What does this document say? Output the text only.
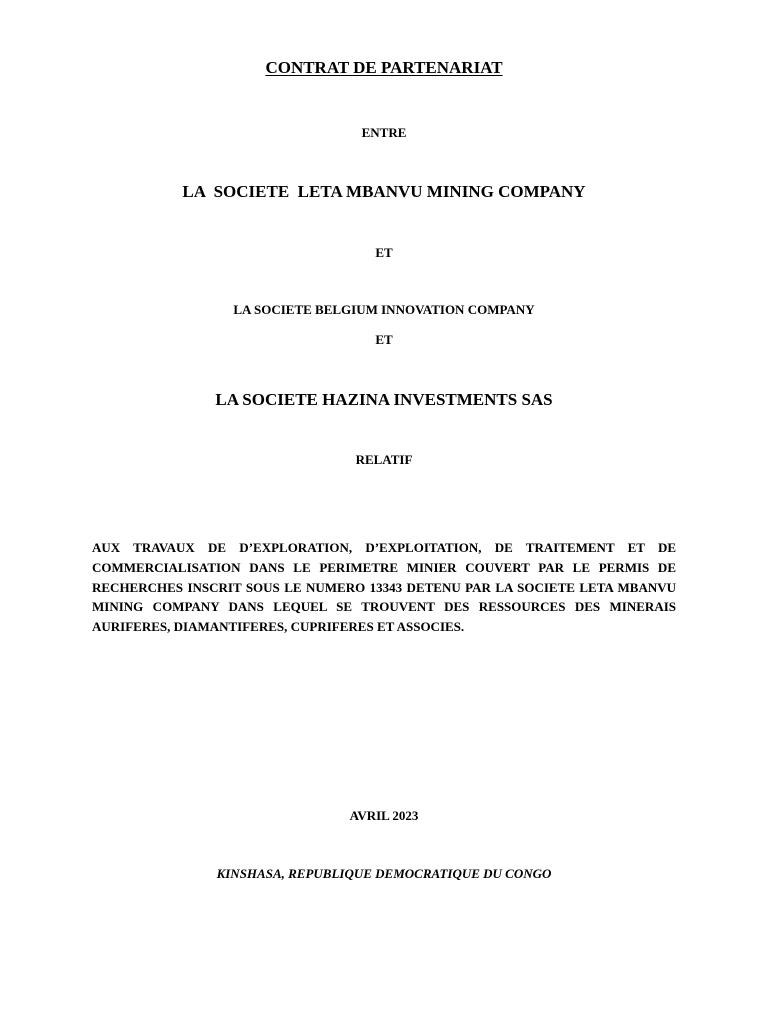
CONTRAT DE PARTENARIAT
ENTRE
LA  SOCIETE  LETA MBANVU MINING COMPANY
ET
LA SOCIETE BELGIUM INNOVATION COMPANY
ET
LA SOCIETE HAZINA INVESTMENTS SAS
RELATIF
AUX TRAVAUX DE D’EXPLORATION, D’EXPLOITATION, DE TRAITEMENT ET DE COMMERCIALISATION DANS LE PERIMETRE MINIER COUVERT PAR LE PERMIS DE RECHERCHES INSCRIT SOUS LE NUMERO 13343 DETENU PAR LA SOCIETE LETA MBANVU MINING COMPANY DANS LEQUEL SE TROUVENT DES RESSOURCES DES MINERAIS AURIFERES, DIAMANTIFERES, CUPRIFERES ET ASSOCIES.
AVRIL 2023
KINSHASA, REPUBLIQUE DEMOCRATIQUE DU CONGO
